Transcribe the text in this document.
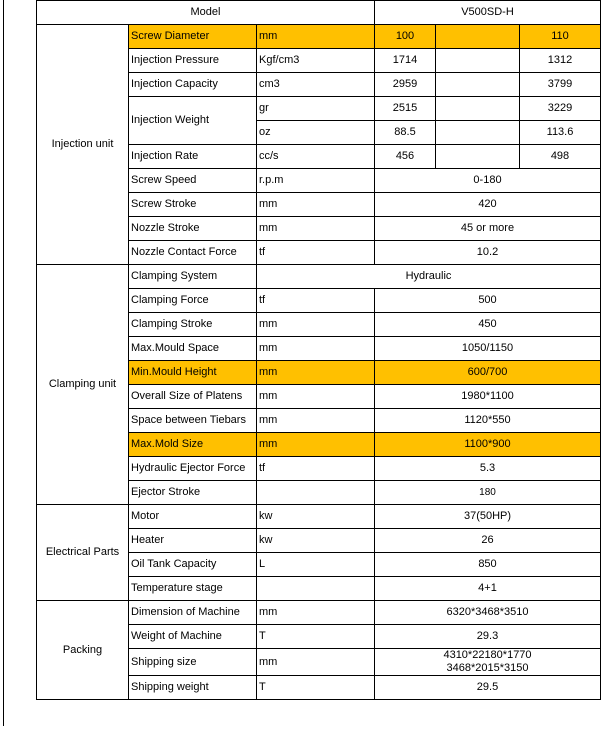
Model			V500SD-H		
Injection unit	Screw Diameter	mm	100		110
	Injection Pressure	Kgf/cm3	1714		1312
	Injection Capacity	cm3	2959		3799
	Injection Weight	gr	2515		3229
		oz	88.5		113.6
	Injection Rate	cc/s	456		498
	Screw Speed	r.p.m	0-180		
	Screw Stroke	mm	420		
	Nozzle Stroke	mm	45 or more		
	Nozzle Contact Force	tf	10.2		
Clamping unit	Clamping System	Hydraulic			
	Clamping Force	tf	500		
	Clamping Stroke	mm	450		
	Max.Mould Space	mm	1050/1150		
	Min.Mould Height	mm	600/700		
	Overall Size of Platens	mm	1980*1100		
	Space between Tiebars	mm	1120*550		
	Max.Mold Size	mm	1100*900		
	Hydraulic Ejector Force	tf	5.3		
	Ejector Stroke		180		
Electrical Parts	Motor	kw	37(50HP)		
	Heater	kw	26		
	Oil Tank Capacity	L	850		
	Temperature stage		4+1		
Packing	Dimension of Machine	mm	6320*3468*3510		
	Weight of Machine	T	29.3		
	Shipping size	mm	4310*22180*1770
3468*2015*3150		

	Shipping weight	T	29.5		
